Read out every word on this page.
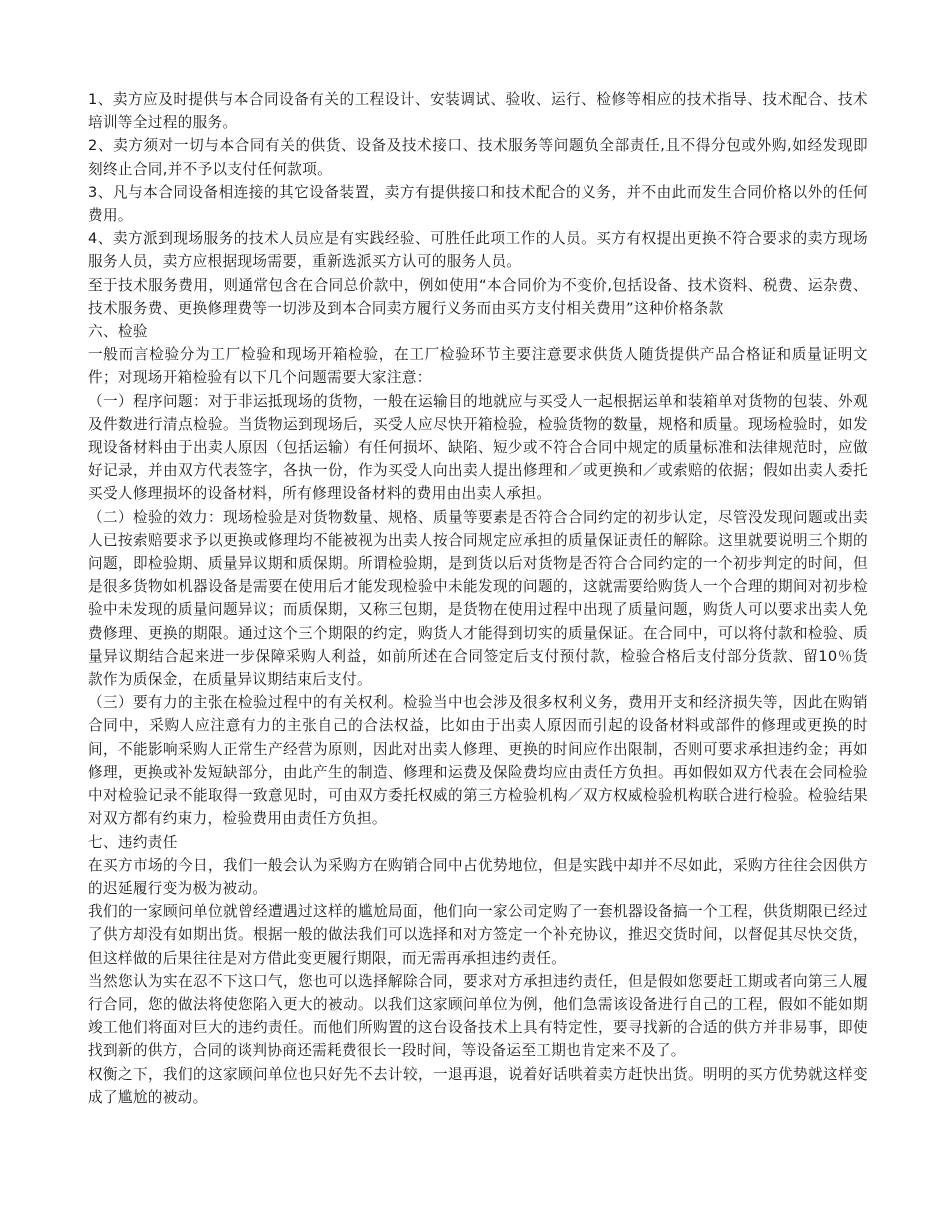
1、卖方应及时提供与本合同设备有关的工程设计、安装调试、验收、运行、检修等相应的技术指导、技术配合、技术培训等全过程的服务。

2、卖方须对一切与本合同有关的供货、设备及技术接口、技术服务等问题负全部责任,且不得分包或外购,如经发现即刻终止合同,并不予以支付任何款项。

3、凡与本合同设备相连接的其它设备装置，卖方有提供接口和技术配合的义务，并不由此而发生合同价格以外的任何费用。

4、卖方派到现场服务的技术人员应是有实践经验、可胜任此项工作的人员。买方有权提出更换不符合要求的卖方现场服务人员，卖方应根据现场需要，重新选派买方认可的服务人员。

至于技术服务费用，则通常包含在合同总价款中，例如使用“本合同价为不变价,包括设备、技术资料、税费、运杂费、技术服务费、更换修理费等一切涉及到本合同卖方履行义务而由买方支付相关费用”这种价格条款

六、检验

一般而言检验分为工厂检验和现场开箱检验，在工厂检验环节主要注意要求供货人随货提供产品合格证和质量证明文件；对现场开箱检验有以下几个问题需要大家注意：

（一）程序问题：对于非运抵现场的货物，一般在运输目的地就应与买受人一起根据运单和装箱单对货物的包装、外观及件数进行清点检验。当货物运到现场后，买受人应尽快开箱检验，检验货物的数量，规格和质量。现场检验时，如发现设备材料由于出卖人原因（包括运输）有任何损坏、缺陷、短少或不符合合同中规定的质量标准和法律规范时，应做好记录，并由双方代表签字，各执一份，作为买受人向出卖人提出修理和／或更换和／或索赔的依据；假如出卖人委托买受人修理损坏的设备材料，所有修理设备材料的费用由出卖人承担。

（二）检验的效力：现场检验是对货物数量、规格、质量等要素是否符合合同约定的初步认定，尽管没发现问题或出卖人已按索赔要求予以更换或修理均不能被视为出卖人按合同规定应承担的质量保证责任的解除。这里就要说明三个期的问题，即检验期、质量异议期和质保期。所谓检验期，是到货以后对货物是否符合合同约定的一个初步判定的时间，但是很多货物如机器设备是需要在使用后才能发现检验中未能发现的问题的，这就需要给购货人一个合理的期间对初步检验中未发现的质量问题异议；而质保期，又称三包期，是货物在使用过程中出现了质量问题，购货人可以要求出卖人免费修理、更换的期限。通过这个三个期限的约定，购货人才能得到切实的质量保证。在合同中，可以将付款和检验、质量异议期结合起来进一步保障采购人利益，如前所述在合同签定后支付预付款，检验合格后支付部分货款、留10％货款作为质保金，在质量异议期结束后支付。

（三）要有力的主张在检验过程中的有关权利。检验当中也会涉及很多权利义务，费用开支和经济损失等，因此在购销合同中，采购人应注意有力的主张自己的合法权益，比如由于出卖人原因而引起的设备材料或部件的修理或更换的时间，不能影响采购人正常生产经营为原则，因此对出卖人修理、更换的时间应作出限制，否则可要求承担违约金；再如修理，更换或补发短缺部分，由此产生的制造、修理和运费及保险费均应由责任方负担。再如假如双方代表在会同检验中对检验记录不能取得一致意见时，可由双方委托权威的第三方检验机构／双方权威检验机构联合进行检验。检验结果对双方都有约束力，检验费用由责任方负担。

七、违约责任

在买方市场的今日，我们一般会认为采购方在购销合同中占优势地位，但是实践中却并不尽如此，采购方往往会因供方的迟延履行变为极为被动。

我们的一家顾问单位就曾经遭遇过这样的尴尬局面，他们向一家公司定购了一套机器设备搞一个工程，供货期限已经过了供方却没有如期出货。根据一般的做法我们可以选择和对方签定一个补充协议，推迟交货时间，以督促其尽快交货，但这样做的后果往往是对方借此变更履行期限，而无需再承担违约责任。

当然您认为实在忍不下这口气，您也可以选择解除合同，要求对方承担违约责任，但是假如您要赶工期或者向第三人履行合同，您的做法将使您陷入更大的被动。以我们这家顾问单位为例，他们急需该设备进行自己的工程，假如不能如期竣工他们将面对巨大的违约责任。而他们所购置的这台设备技术上具有特定性，要寻找新的合适的供方并非易事，即使找到新的供方，合同的谈判协商还需耗费很长一段时间，等设备运至工期也肯定来不及了。

权衡之下，我们的这家顾问单位也只好先不去计较，一退再退，说着好话哄着卖方赶快出货。明明的买方优势就这样变成了尴尬的被动。
